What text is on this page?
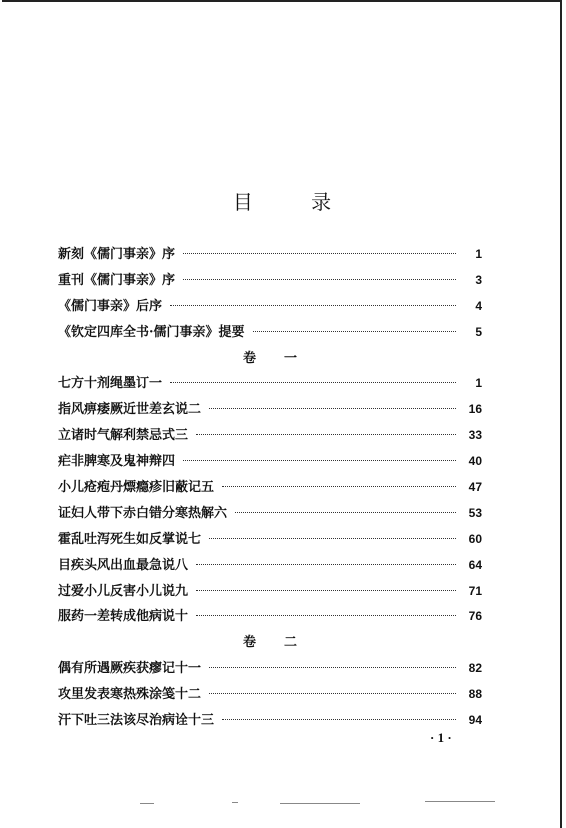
目	录
新刻《儒门事亲》序	1
重刊《儒门事亲》序	3
《儒门事亲》后序	4
《钦定四库全书·儒门事亲》提要	5
卷 一
七方十剂绳墨订一	1
指风痹痿厥近世差玄说二	16
立诸时气解利禁忌式三	33
疟非脾寒及鬼神辩四	40
小儿疮疱丹熛瘾疹旧蔽记五	47
证妇人带下赤白错分寒热解六	53
霍乱吐泻死生如反掌说七	60
目疾头风出血最急说八	64
过爱小儿反害小儿说九	71
服药一差转成他病说十	76
卷 二
偶有所遇厥疾获瘳记十一	82
攻里发表寒热殊涂笺十二	88
汗下吐三法该尽治病诠十三	94
· 1 ·
